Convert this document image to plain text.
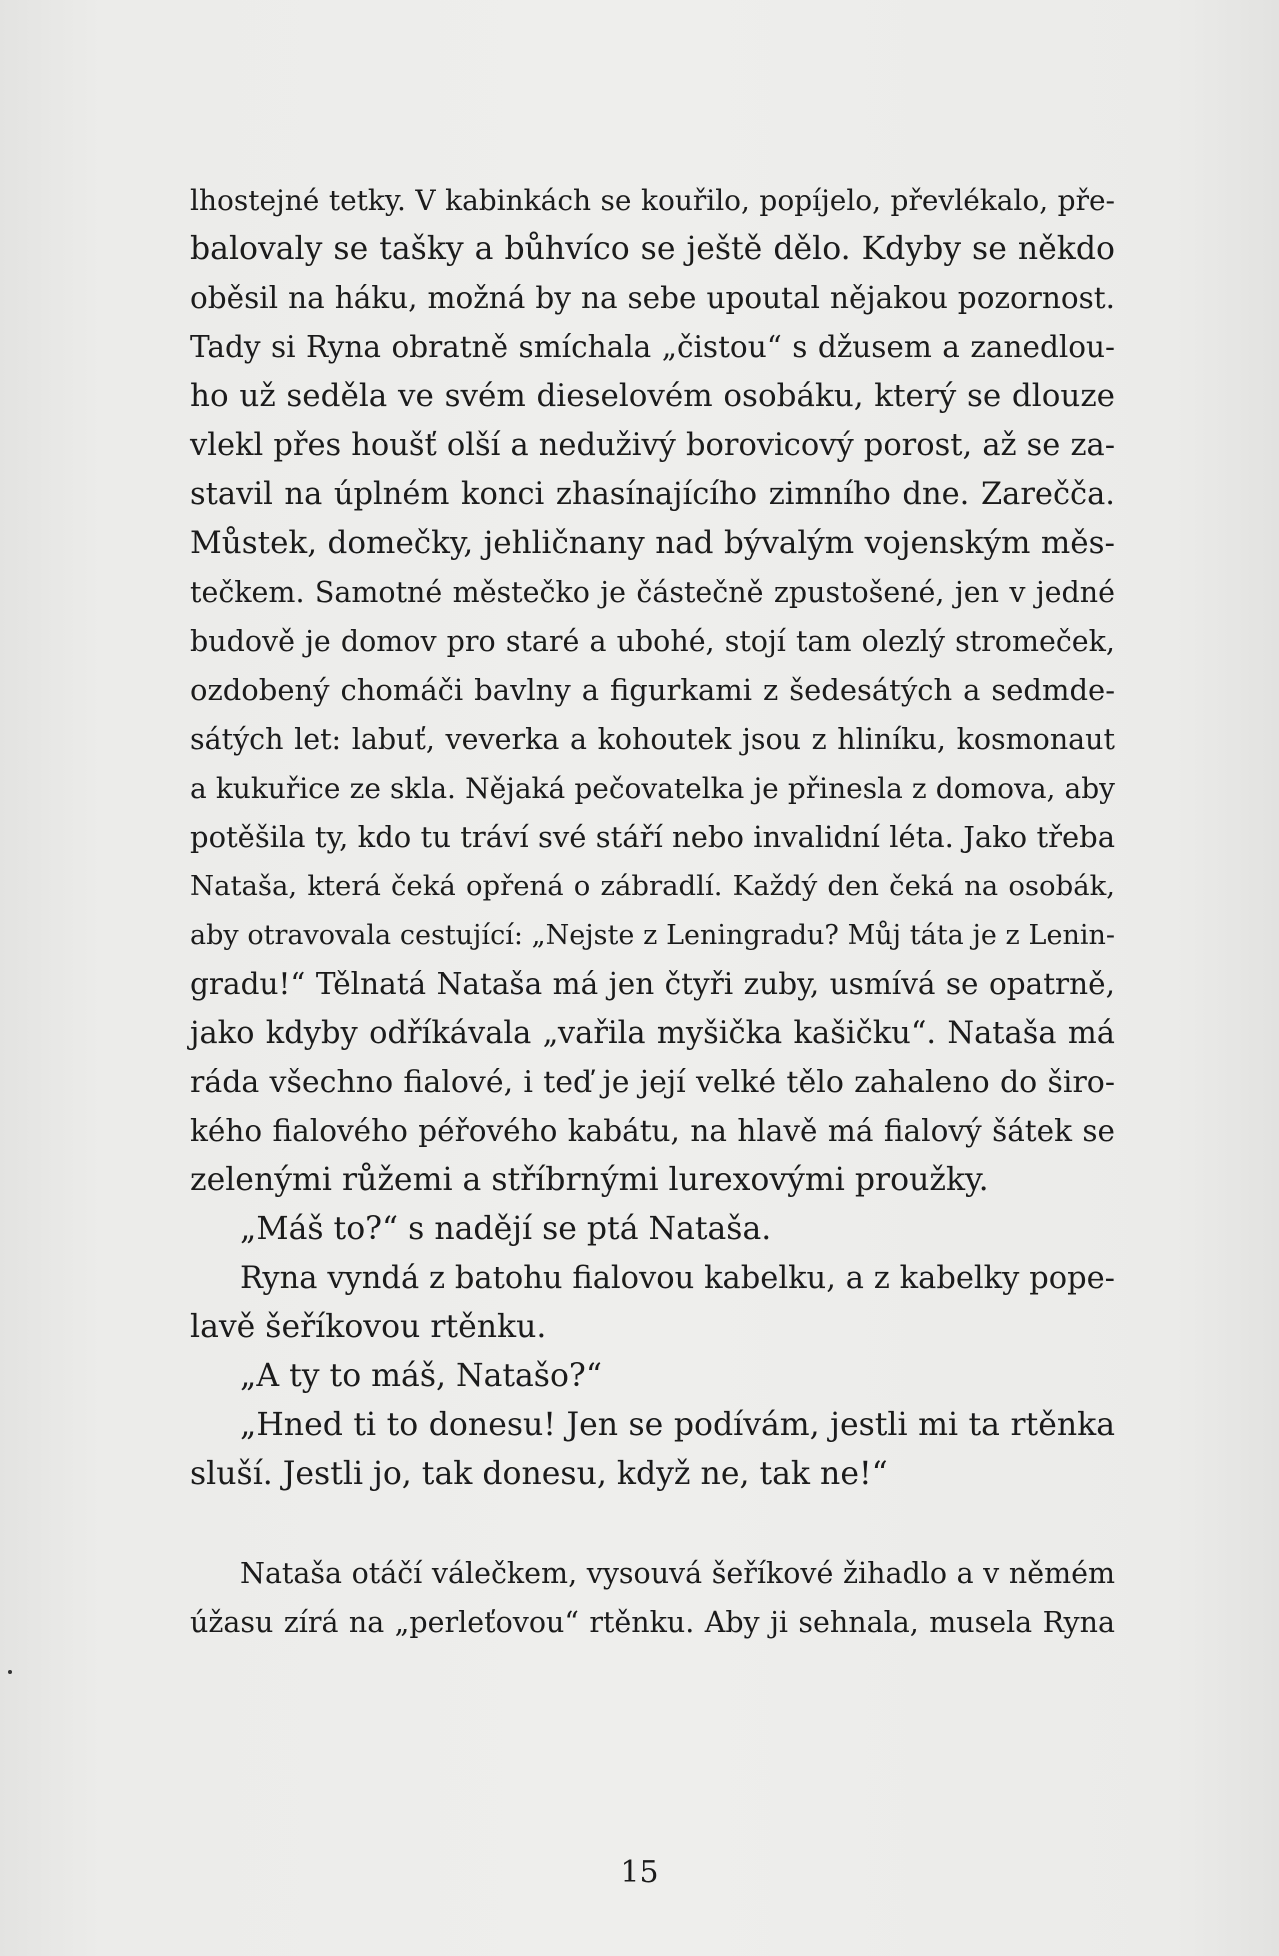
lhostejné tetky. V kabinkách se kouřilo, popíjelo, převlékalo, pře-
balovaly se tašky a bůhvíco se ještě dělo. Kdyby se někdo
oběsil na háku, možná by na sebe upoutal nějakou pozornost.
Tady si Ryna obratně smíchala „čistou“ s džusem a zanedlou-
ho už seděla ve svém dieselovém osobáku, který se dlouze
vlekl přes houšť olší a neduživý borovicový porost, až se za-
stavil na úplném konci zhasínajícího zimního dne. Zarečča.
Můstek, domečky, jehličnany nad bývalým vojenským měs-
tečkem. Samotné městečko je částečně zpustošené, jen v jedné
budově je domov pro staré a ubohé, stojí tam olezlý stromeček,
ozdobený chomáči bavlny a figurkami z šedesátých a sedmde-
sátých let: labuť, veverka a kohoutek jsou z hliníku, kosmonaut
a kukuřice ze skla. Nějaká pečovatelka je přinesla z domova, aby
potěšila ty, kdo tu tráví své stáří nebo invalidní léta. Jako třeba
Nataša, která čeká opřená o zábradlí. Každý den čeká na osobák,
aby otravovala cestující: „Nejste z Leningradu? Můj táta je z Lenin-
gradu!“ Tělnatá Nataša má jen čtyři zuby, usmívá se opatrně,
jako kdyby odříkávala „vařila myšička kašičku“. Nataša má
ráda všechno fialové, i teď je její velké tělo zahaleno do širo-
kého fialového péřového kabátu, na hlavě má fialový šátek se
zelenými růžemi a stříbrnými lurexovými proužky.
„Máš to?“ s nadějí se ptá Nataša.
Ryna vyndá z batohu fialovou kabelku, a z kabelky popе-
lavě šeříkovou rtěnku.
„A ty to máš, Natašo?“
„Hned ti to donesu! Jen se podívám, jestli mi ta rtěnka
sluší. Jestli jo, tak donesu, když ne, tak ne!“
Nataša otáčí válečkem, vysouvá šeříkové žihadlo a v němém
úžasu zírá na „perleťovou“ rtěnku. Aby ji sehnala, musela Ryna
15
